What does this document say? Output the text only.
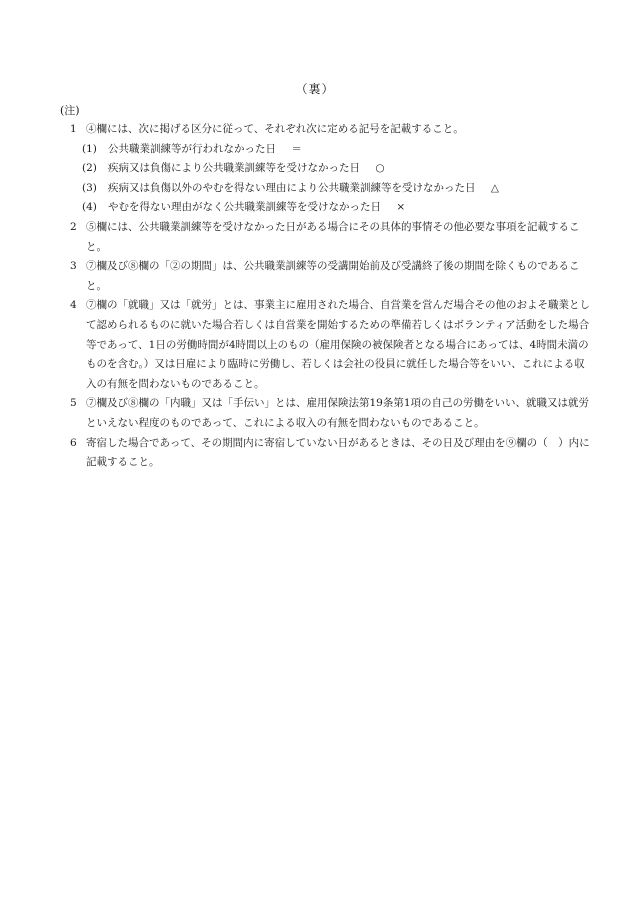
（裏）
(注)
1 ④欄には、次に掲げる区分に従って、それぞれ次に定める記号を記載すること。
(1) 公共職業訓練等が行われなかった日 ＝
(2) 疾病又は負傷により公共職業訓練等を受けなかった日 ○
(3) 疾病又は負傷以外のやむを得ない理由により公共職業訓練等を受けなかった日 △
(4) やむを得ない理由がなく公共職業訓練等を受けなかった日 ×
2 ⑤欄には、公共職業訓練等を受けなかった日がある場合にその具体的事情その他必要な事項を記載すること。
3 ⑦欄及び⑧欄の「②の期間」は、公共職業訓練等の受講開始前及び受講終了後の期間を除くものであること。
4 ⑦欄の「就職」又は「就労」とは、事業主に雇用された場合、自営業を営んだ場合その他のおよそ職業として認められるものに就いた場合若しくは自営業を開始するための準備若しくはボランティア活動をした場合等であって、1日の労働時間が4時間以上のもの（雇用保険の被保険者となる場合にあっては、4時間未満のものを含む。）又は日雇により臨時に労働し、若しくは会社の役員に就任した場合等をいい、これによる収入の有無を問わないものであること。
5 ⑦欄及び⑧欄の「内職」又は「手伝い」とは、雇用保険法第19条第1項の自己の労働をいい、就職又は就労といえない程度のものであって、これによる収入の有無を問わないものであること。
6 寄宿した場合であって、その期間内に寄宿していない日があるときは、その日及び理由を⑨欄の（　）内に記載すること。
